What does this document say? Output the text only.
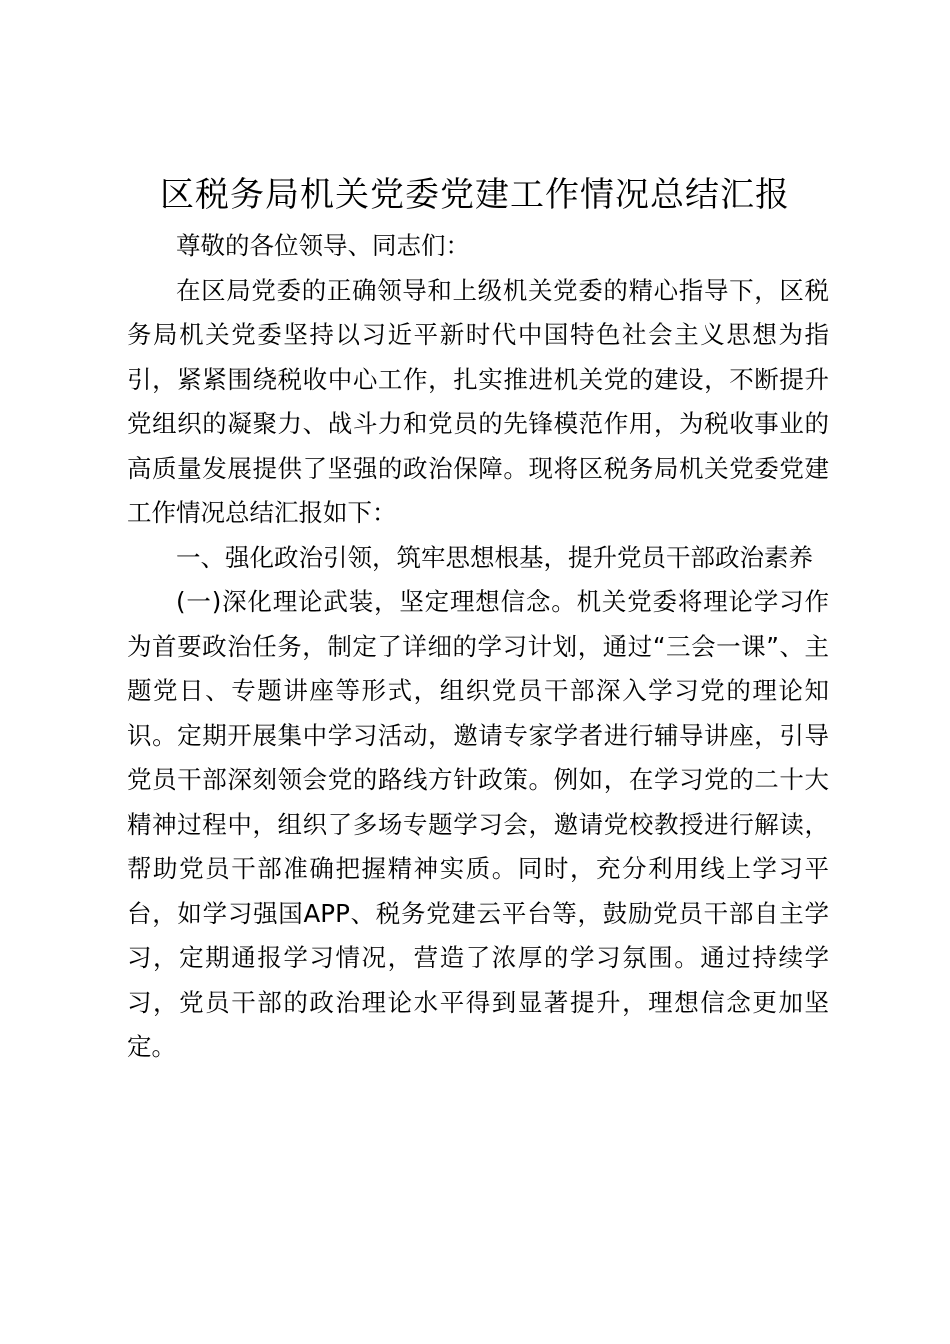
区税务局机关党委党建工作情况总结汇报

尊敬的各位领导、同志们：

在区局党委的正确领导和上级机关党委的精心指导下，区税务局机关党委坚持以习近平新时代中国特色社会主义思想为指引，紧紧围绕税收中心工作，扎实推进机关党的建设，不断提升党组织的凝聚力、战斗力和党员的先锋模范作用，为税收事业的高质量发展提供了坚强的政治保障。现将区税务局机关党委党建工作情况总结汇报如下：

一、强化政治引领，筑牢思想根基，提升党员干部政治素养

(一)深化理论武装，坚定理想信念。机关党委将理论学习作为首要政治任务，制定了详细的学习计划，通过“三会一课”、主题党日、专题讲座等形式，组织党员干部深入学习党的理论知识。定期开展集中学习活动，邀请专家学者进行辅导讲座，引导党员干部深刻领会党的路线方针政策。例如，在学习党的二十大精神过程中，组织了多场专题学习会，邀请党校教授进行解读，帮助党员干部准确把握精神实质。同时，充分利用线上学习平台，如学习强国APP、税务党建云平台等，鼓励党员干部自主学习，定期通报学习情况，营造了浓厚的学习氛围。通过持续学习，党员干部的政治理论水平得到显著提升，理想信念更加坚定。
